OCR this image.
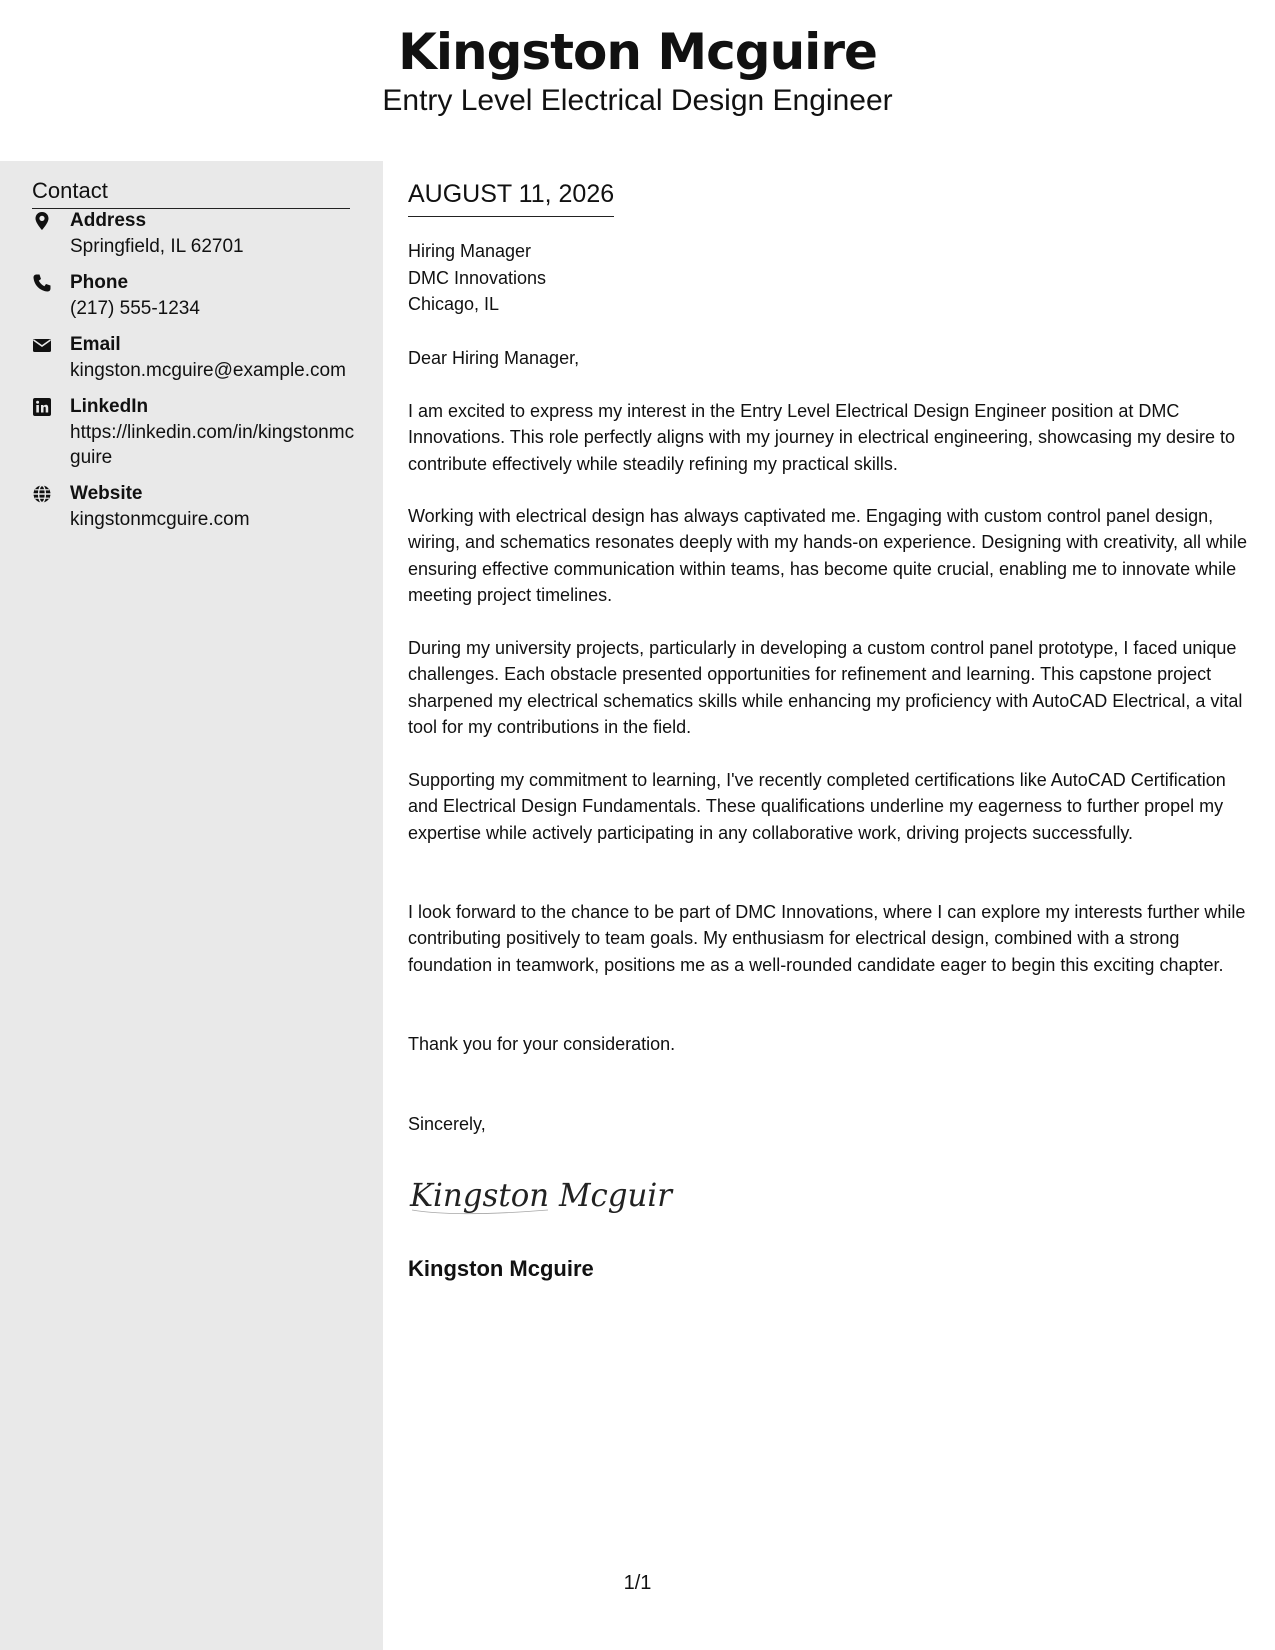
Kingston Mcguire
Entry Level Electrical Design Engineer
Contact
Address
Springfield, IL 62701
Phone
(217) 555-1234
Email
kingston.mcguire@example.com
LinkedIn
https://linkedin.com/in/kingstonmcguire
Website
kingstonmcguire.com
AUGUST 11, 2026
Hiring Manager
DMC Innovations
Chicago, IL

Dear Hiring Manager,

I am excited to express my interest in the Entry Level Electrical Design Engineer position at DMC Innovations. This role perfectly aligns with my journey in electrical engineering, showcasing my desire to contribute effectively while steadily refining my practical skills.

Working with electrical design has always captivated me. Engaging with custom control panel design, wiring, and schematics resonates deeply with my hands-on experience. Designing with creativity, all while ensuring effective communication within teams, has become quite crucial, enabling me to innovate while meeting project timelines.

During my university projects, particularly in developing a custom control panel prototype, I faced unique challenges. Each obstacle presented opportunities for refinement and learning. This capstone project sharpened my electrical schematics skills while enhancing my proficiency with AutoCAD Electrical, a vital tool for my contributions in the field.

Supporting my commitment to learning, I've recently completed certifications like AutoCAD Certification and Electrical Design Fundamentals. These qualifications underline my eagerness to further propel my expertise while actively participating in any collaborative work, driving projects successfully.

I look forward to the chance to be part of DMC Innovations, where I can explore my interests further while contributing positively to team goals. My enthusiasm for electrical design, combined with a strong foundation in teamwork, positions me as a well-rounded candidate eager to begin this exciting chapter.

Thank you for your consideration.

Sincerely,

Kingston Mcguir
Kingston Mcguire
1/1
